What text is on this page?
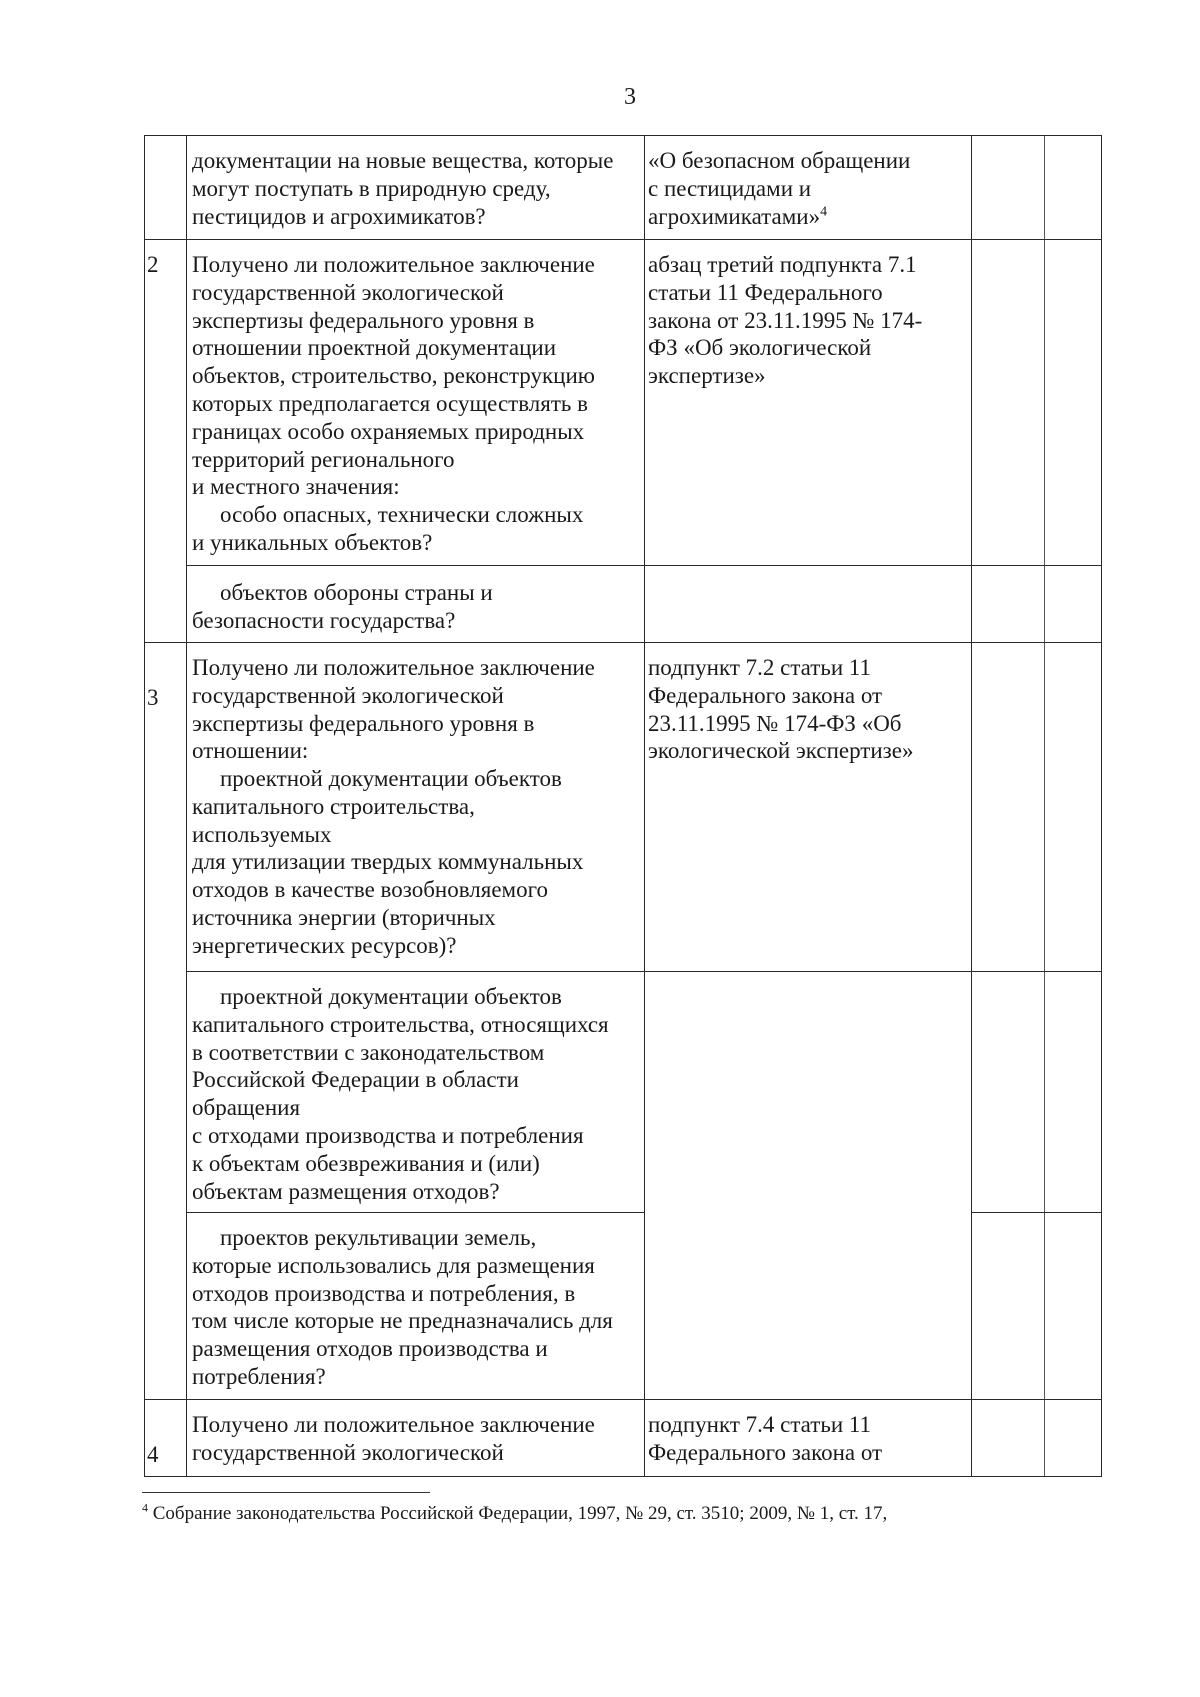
3
документации на новые вещества, которые
могут поступать в природную среду,
пестицидов и агрохимикатов?
«О безопасном обращении
с пестицидами и
агрохимикатами»$^4$
2 Получено ли положительное заключение
государственной экологической
экспертизы федерального уровня в
отношении проектной документации
объектов, строительство, реконструкцию
которых предполагается осуществлять в
границах особо охраняемых природных
территорий регионального
и местного значения:
особо опасных, технически сложных
и уникальных объектов?
абзац третий подпункта 7.1
статьи 11 Федерального
закона от 23.11.1995 № 174-
ФЗ «Об экологической
экспертизе»
объектов обороны страны и
безопасности государства?
3
Получено ли положительное заключение
государственной экологической
экспертизы федерального уровня в
отношении:
проектной документации объектов
капитального строительства,
используемых
для утилизации твердых коммунальных
отходов в качестве возобновляемого
источника энергии (вторичных
энергетических ресурсов)?
подпункт 7.2 статьи 11
Федерального закона от
23.11.1995 № 174-ФЗ «Об
экологической экспертизе»
проектной документации объектов
капитального строительства, относящихся
в соответствии с законодательством
Российской Федерации в области
обращения
с отходами производства и потребления
к объектам обезвреживания и (или)
объектам размещения отходов?
проектов рекультивации земель,
которые использовались для размещения
отходов производства и потребления, в
том числе которые не предназначались для
размещения отходов производства и
потребления?
4
Получено ли положительное заключение
государственной экологической
подпункт 7.4 статьи 11
Федерального закона от
$^4$ Собрание законодательства Российской Федерации, 1997, № 29, ст. 3510; 2009, № 1, ст. 17,
